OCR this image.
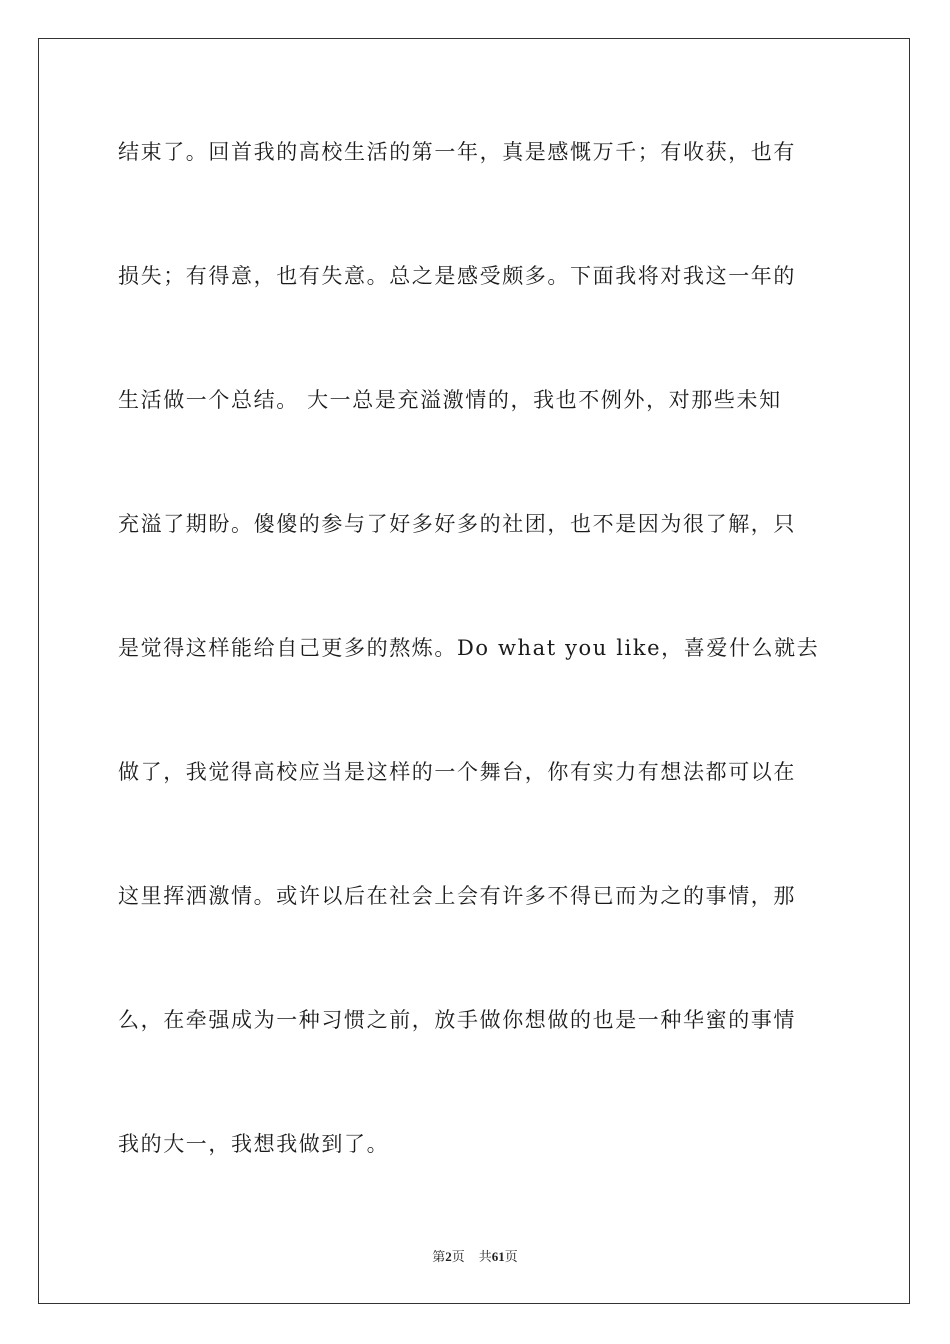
结束了。回首我的高校生活的第一年，真是感慨万千；有收获，也有
损失；有得意，也有失意。总之是感受颇多。下面我将对我这一年的
生活做一个总结。 大一总是充溢激情的，我也不例外，对那些未知
充溢了期盼。傻傻的参与了好多好多的社团，也不是因为很了解，只
是觉得这样能给自己更多的熬炼。Do what you like，喜爱什么就去
做了，我觉得高校应当是这样的一个舞台，你有实力有想法都可以在
这里挥洒激情。或许以后在社会上会有许多不得已而为之的事情，那
么，在牵强成为一种习惯之前，放手做你想做的也是一种华蜜的事情
我的大一，我想我做到了。
第2页 共61页
